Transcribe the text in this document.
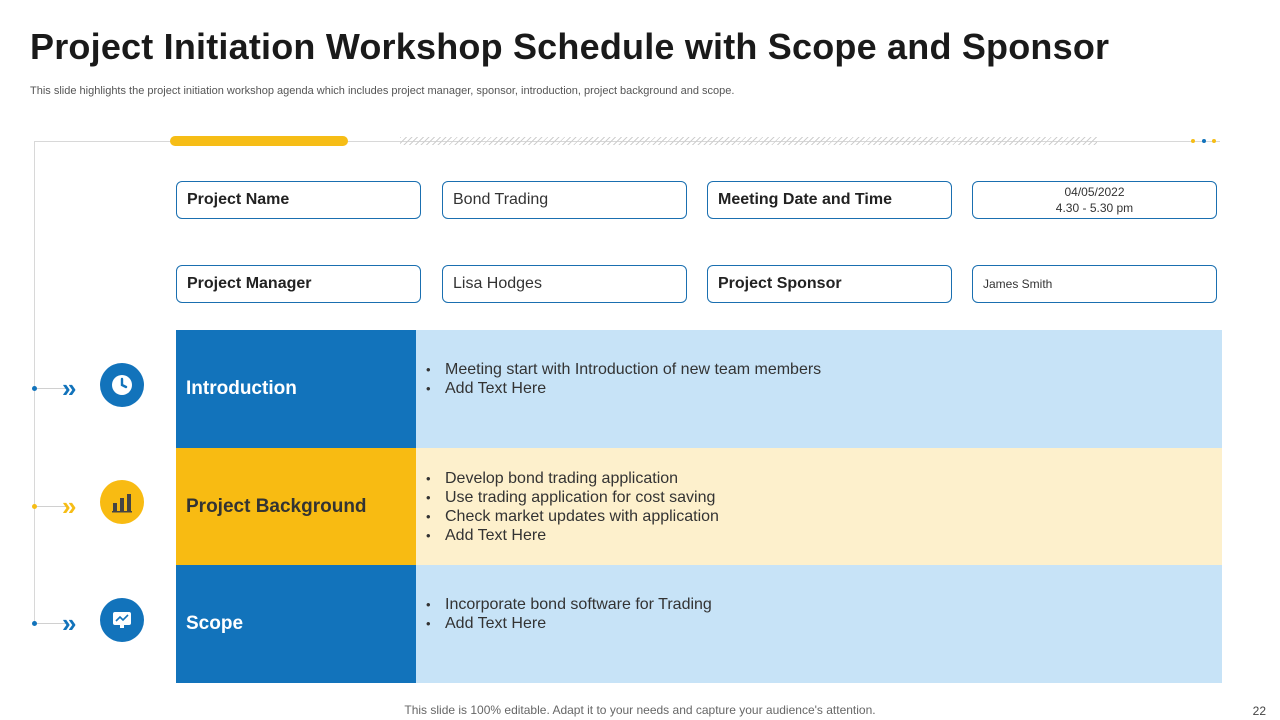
Project Initiation Workshop Schedule with Scope and Sponsor
This slide highlights the project initiation workshop agenda which includes project manager, sponsor, introduction, project background and scope.
Project Name	Bond Trading	Meeting Date and Time	04/05/2022
4.30 - 5.30 pm
Project Manager	Lisa Hodges	Project Sponsor	James Smith
»	Introduction
• Meeting start with Introduction of new team members
• Add Text Here
»	Project Background
• Develop bond trading application
• Use trading application for cost saving
• Check market updates with application
• Add Text Here
»	Scope
• Incorporate bond software for Trading
• Add Text Here
This slide is 100% editable. Adapt it to your needs and capture your audience's attention.	22
